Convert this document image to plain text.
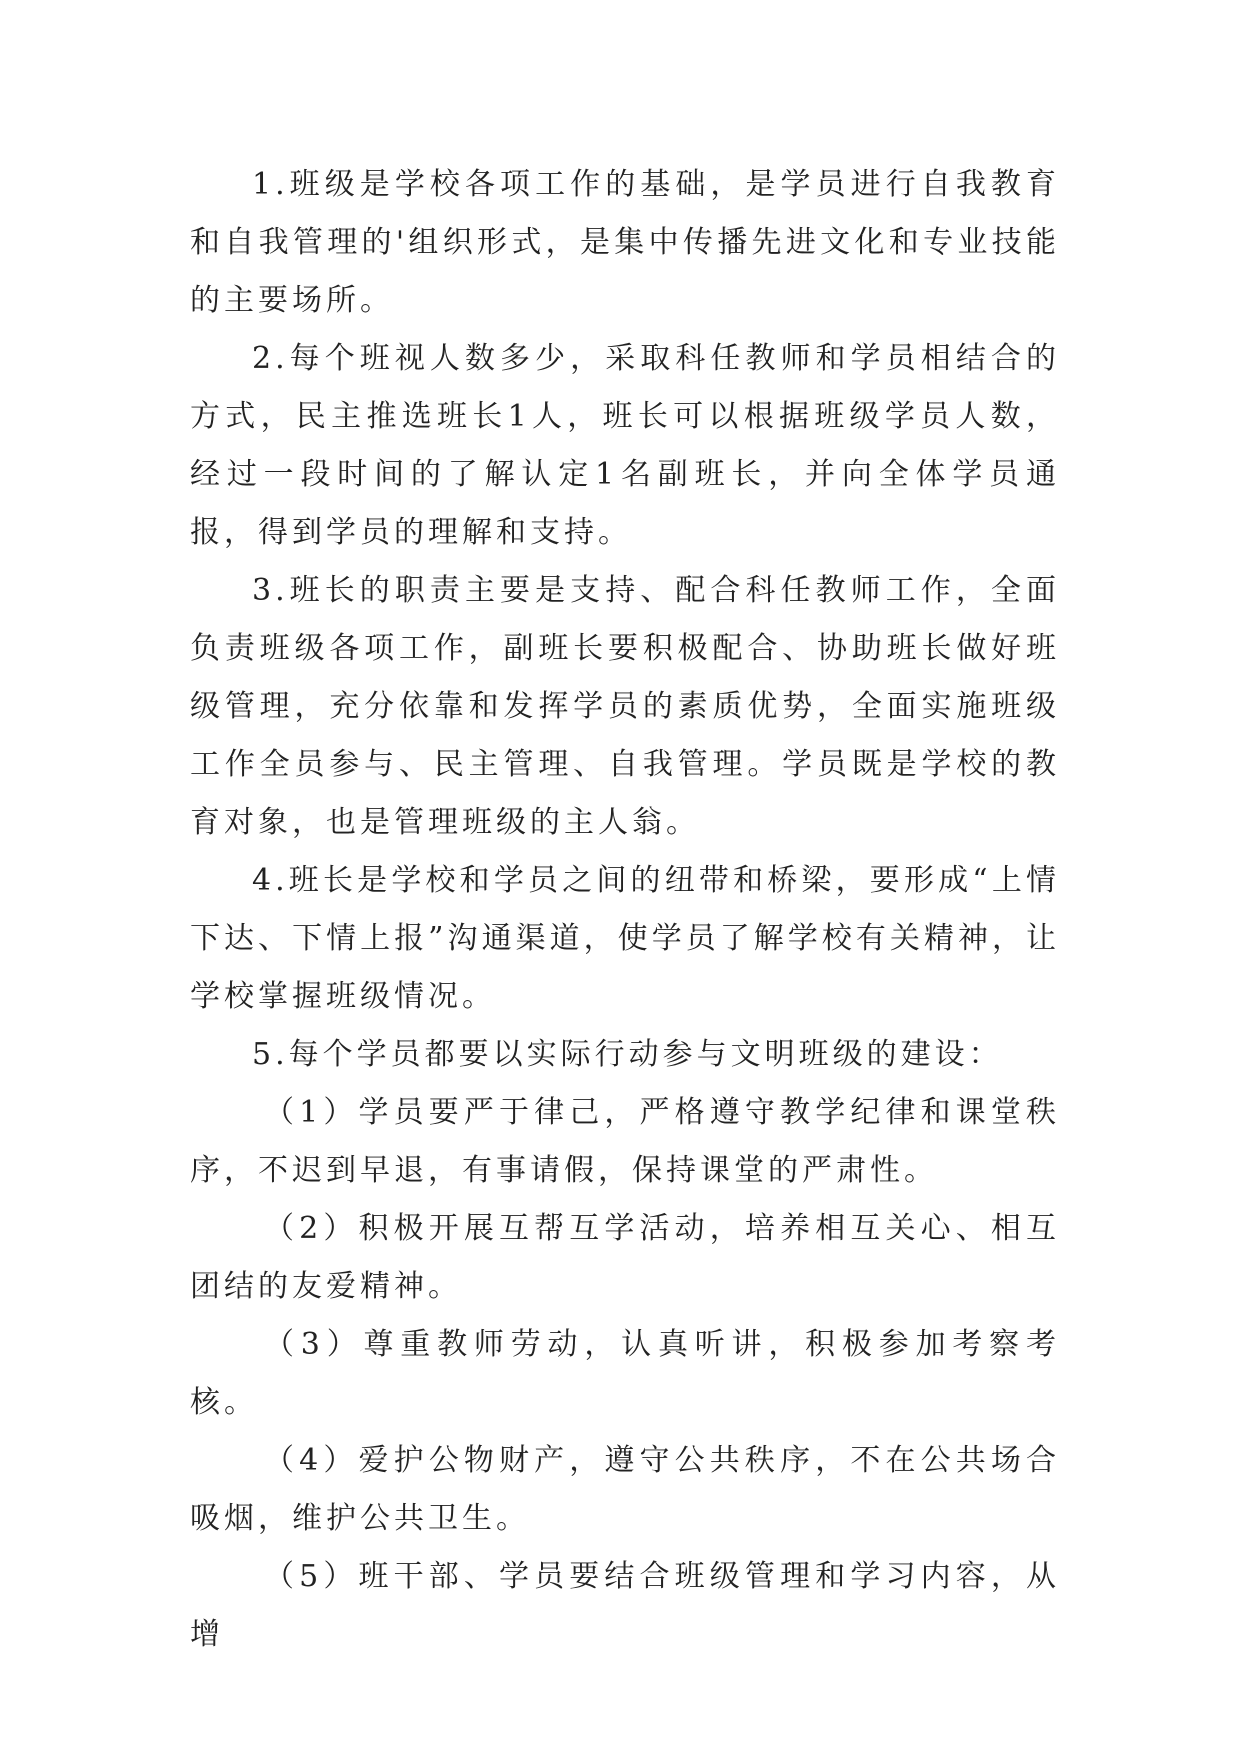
1.班级是学校各项工作的基础，是学员进行自我教育和自我管理的'组织形式，是集中传播先进文化和专业技能的主要场所。

2.每个班视人数多少，采取科任教师和学员相结合的方式，民主推选班长1人，班长可以根据班级学员人数，经过一段时间的了解认定1名副班长，并向全体学员通报，得到学员的理解和支持。

3.班长的职责主要是支持、配合科任教师工作，全面负责班级各项工作，副班长要积极配合、协助班长做好班级管理，充分依靠和发挥学员的素质优势，全面实施班级工作全员参与、民主管理、自我管理。学员既是学校的教育对象，也是管理班级的主人翁。

4.班长是学校和学员之间的纽带和桥梁，要形成“上情下达、下情上报”沟通渠道，使学员了解学校有关精神，让学校掌握班级情况。

5.每个学员都要以实际行动参与文明班级的建设：

（1）学员要严于律己，严格遵守教学纪律和课堂秩序，不迟到早退，有事请假，保持课堂的严肃性。

（2）积极开展互帮互学活动，培养相互关心、相互团结的友爱精神。

（3）尊重教师劳动，认真听讲，积极参加考察考核。

（4）爱护公物财产，遵守公共秩序，不在公共场合吸烟，维护公共卫生。

（5）班干部、学员要结合班级管理和学习内容，从增
